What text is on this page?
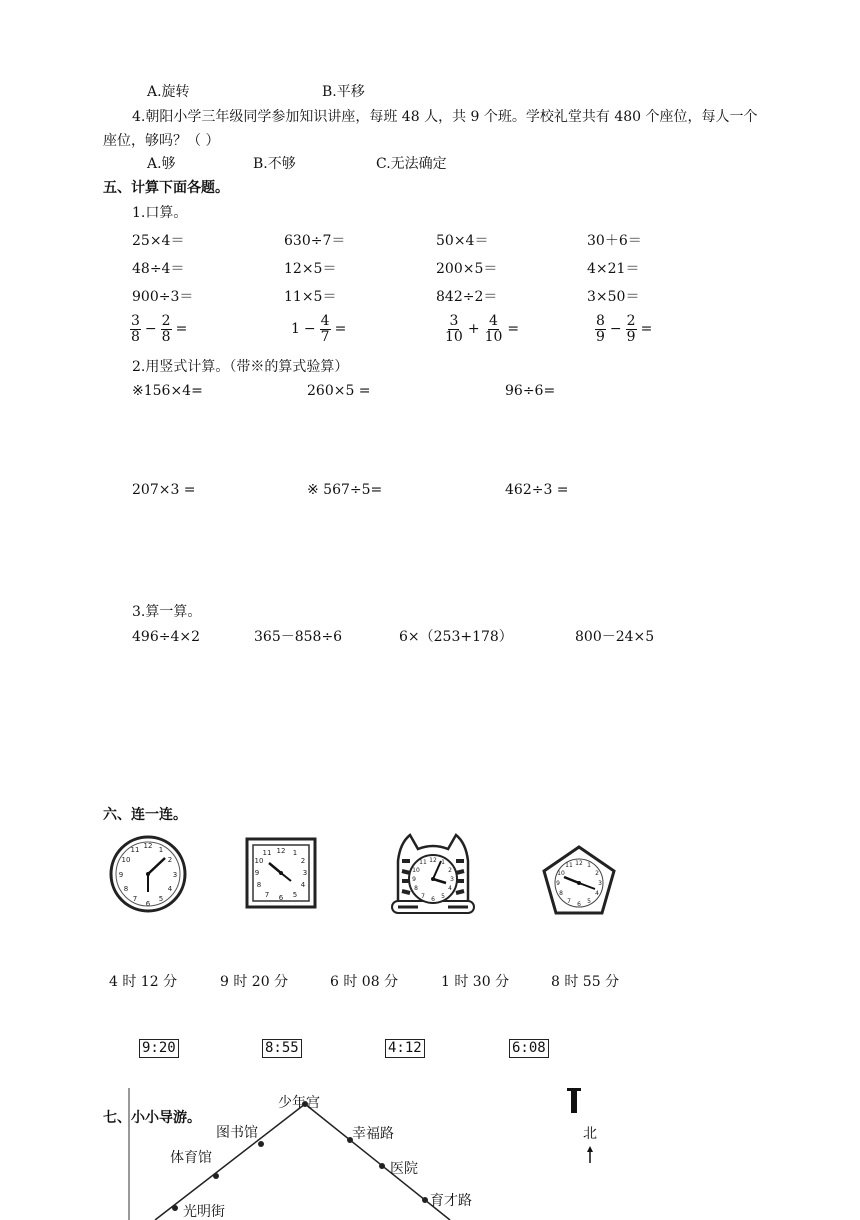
A.旋转	B.平移
4.朝阳小学三年级同学参加知识讲座，每班 48 人，共 9 个班。学校礼堂共有 480 个座位，每人一个
座位，够吗？（ ）
A.够	B.不够	C.无法确定
五、计算下面各题。
1.口算。
25×4＝	630÷7＝	50×4＝	30＋6＝
48÷4＝	12×5＝	200×5＝	4×21＝
900÷3＝	11×5＝	842÷2＝	3×50＝
$\frac{3}{8} - \frac{2}{8}$ =	$1 - \frac{4}{7}$ =	$\frac{3}{10} + \frac{4}{10}$ =	$\frac{8}{9} - \frac{2}{9}$ =
2.用竖式计算。（带※的算式验算）
※156×4=	260×5 =	96÷6=
207×3 =	※ 567÷5=	462÷3 =
3.算一算。
496÷4×2	365－858÷6	6×（253+178）	800－24×5
六、连一连。
12 1
2
3
4
5
6
7
8
9
10
11	12 1
2
3
4
5
6
7
8
9
10
11
12 1
2
3
4
5
6
7
8
9
10
11	12 1
2
3
4
5
6
7
8
9
10
11
4 时 12 分	9 时 20 分	6 时 08 分	1 时 30 分	8 时 55 分
9:20	8:55	4:12	6:08
七、小小导游。
少年宫
图书馆	幸福路
体育馆
医院
育才路
光明街
北
